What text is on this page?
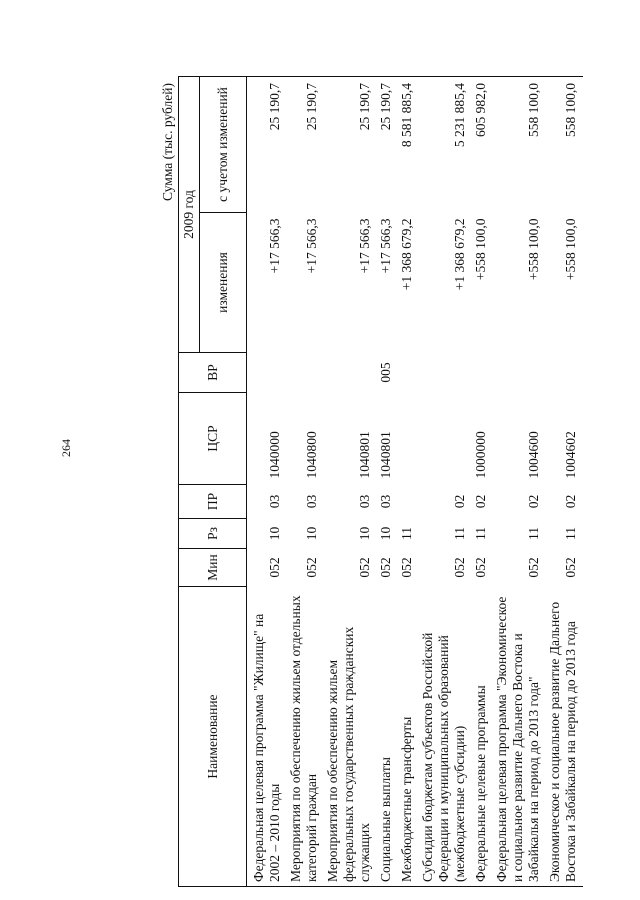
264
Сумма (тыс. рублей)
Наименование	Мин	Рз	ПР	ЦСР	ВР	2009 год	
						изменения	с учетом изменений
Федеральная целевая программа "Жилище" на 2002 – 2010 годы	052	10	03	1040000		+17 566,3	25 190,7
Мероприятия по обеспечению жильем отдельных категорий граждан	052	10	03	1040800		+17 566,3	25 190,7
Мероприятия по обеспечению жильем федеральных государственных гражданских служащих	052	10	03	1040801		+17 566,3	25 190,7
Социальные выплаты	052	10	03	1040801	005	+17 566,3	25 190,7
Межбюджетные трансферты	052	11				+1 368 679,2	8 581 885,4
Субсидии бюджетам субъектов Российской Федерации и муниципальных образований (межбюджетные субсидии)	052	11	02			+1 368 679,2	5 231 885,4
Федеральные целевые программы	052	11	02	1000000		+558 100,0	605 982,0
Федеральная целевая программа "Экономическое и социальное развитие Дальнего Востока и Забайкалья на период до 2013 года"	052	11	02	1004600		+558 100,0	558 100,0
Экономическое и социальное развитие Дальнего Востока и Забайкалья на период до 2013 года	052	11	02	1004602		+558 100,0	558 100,0
